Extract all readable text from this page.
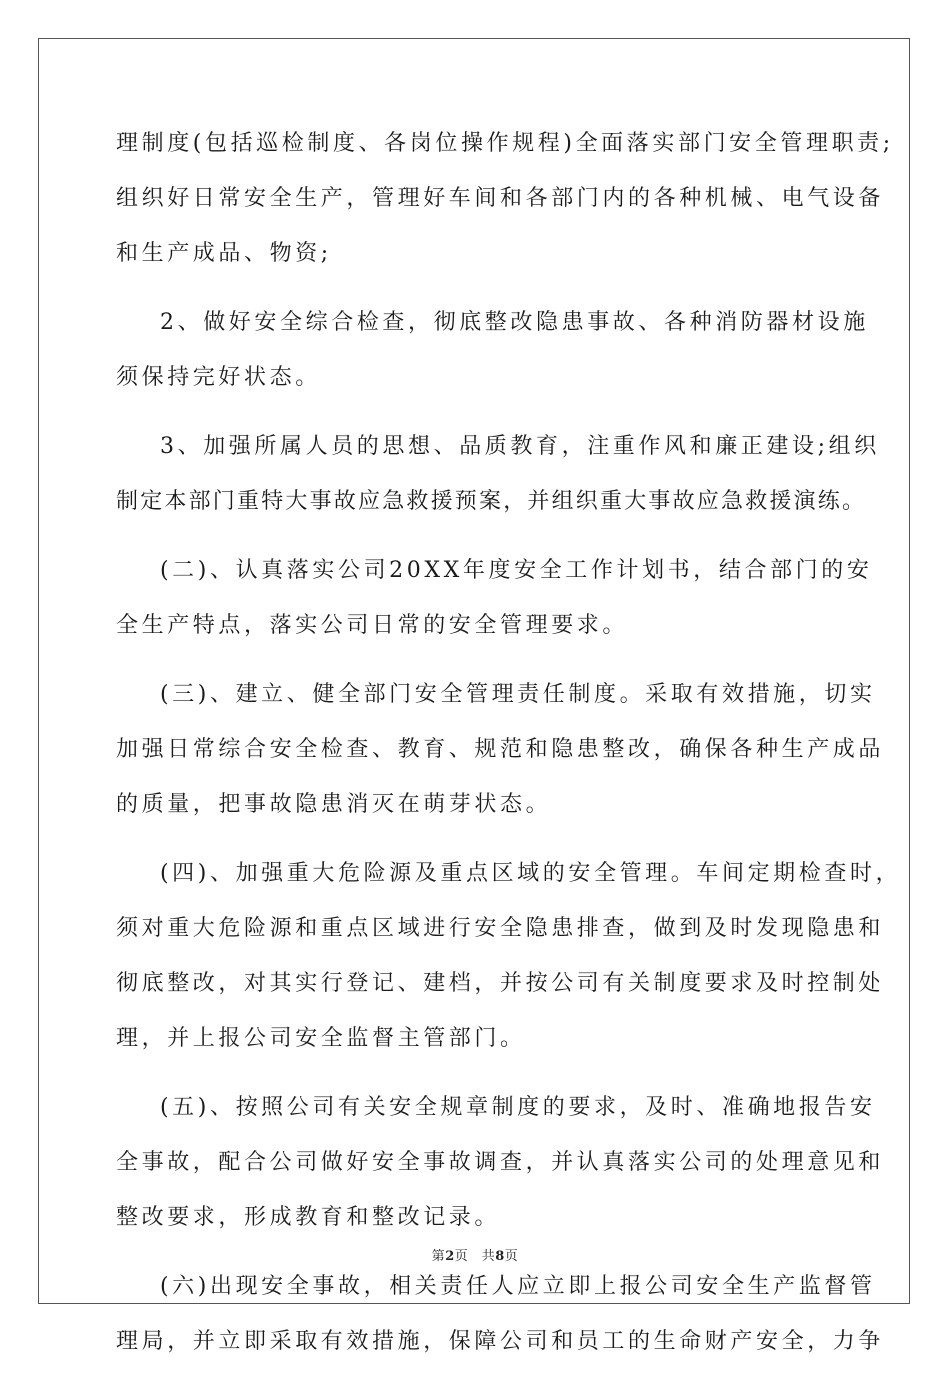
理制度(包括巡检制度、各岗位操作规程)全面落实部门安全管理职责;
组织好日常安全生产，管理好车间和各部门内的各种机械、电气设备
和生产成品、物资;
2、做好安全综合检查，彻底整改隐患事故、各种消防器材设施
须保持完好状态。
3、加强所属人员的思想、品质教育，注重作风和廉正建设;组织
制定本部门重特大事故应急救援预案，并组织重大事故应急救援演练。
(二)、认真落实公司20XX年度安全工作计划书，结合部门的安
全生产特点，落实公司日常的安全管理要求。
(三)、建立、健全部门安全管理责任制度。采取有效措施，切实
加强日常综合安全检查、教育、规范和隐患整改，确保各种生产成品
的质量，把事故隐患消灭在萌芽状态。
(四)、加强重大危险源及重点区域的安全管理。车间定期检查时，
须对重大危险源和重点区域进行安全隐患排查，做到及时发现隐患和
彻底整改，对其实行登记、建档，并按公司有关制度要求及时控制处
理，并上报公司安全监督主管部门。
(五)、按照公司有关安全规章制度的要求，及时、准确地报告安
全事故，配合公司做好安全事故调查，并认真落实公司的处理意见和
整改要求，形成教育和整改记录。
(六)出现安全事故，相关责任人应立即上报公司安全生产监督管
理局，并立即采取有效措施，保障公司和员工的生命财产安全，力争
第2页　共8页
